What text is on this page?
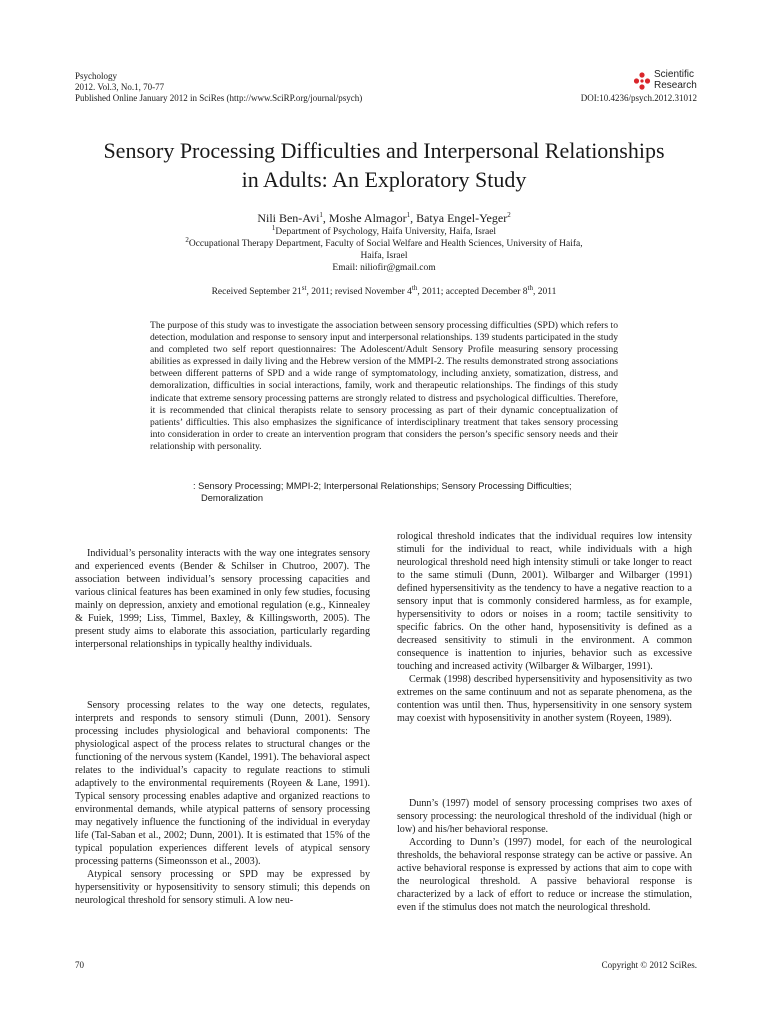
Psychology
2012. Vol.3, No.1, 70-77
Published Online January 2012 in SciRes (http://www.SciRP.org/journal/psych)
Scientific
Research
DOI:10.4236/psych.2012.31012
Sensory Processing Difficulties and Interpersonal Relationships
in Adults: An Exploratory Study
Nili Ben-Avi$^1$, Moshe Almagor$^1$, Batya Engel-Yeger$^2$
$^1$Department of Psychology, Haifa University, Haifa, Israel
$^2$Occupational Therapy Department, Faculty of Social Welfare and Health Sciences, University of Haifa,
Haifa, Israel
Email: niliofir@gmail.com
Received September 21st, 2011; revised November 4th, 2011; accepted December 8th, 2011
The purpose of this study was to investigate the association between sensory processing difficulties (SPD) which refers to detection, modulation and response to sensory input and interpersonal relationships. 139 students participated in the study and completed two self report questionnaires: The Adolescent/Adult Sensory Profile measuring sensory processing abilities as expressed in daily living and the Hebrew version of the MMPI-2. The results demonstrated strong associations between different patterns of SPD and a wide range of symptomatology, including anxiety, somatization, distress, and demoralization, difficulties in social interactions, family, work and therapeutic relationships. The findings of this study indicate that extreme sensory processing patterns are strongly related to distress and psychological difficulties. Therefore, it is recommended that clinical therapists relate to sensory processing as part of their dynamic conceptualization of patients’ difficulties. This also emphasizes the significance of interdisciplinary treatment that takes sensory processing into consideration in order to create an intervention program that considers the person’s specific sensory needs and their relationship with personality.
: Sensory Processing; MMPI-2; Interpersonal Relationships; Sensory Processing Difficulties;
Demoralization

Individual’s personality interacts with the way one integrates sensory and experienced events (Bender & Schilser in Chutroo, 2007). The association between individual’s sensory processing capacities and various clinical features has been examined in only few studies, focusing mainly on depression, anxiety and emotional regulation (e.g., Kinnealey & Fuiek, 1999; Liss, Timmel, Baxley, & Killingsworth, 2005). The present study aims to elaborate this association, particularly regarding interpersonal relationships in typically healthy individuals.

Sensory processing relates to the way one detects, regulates, interprets and responds to sensory stimuli (Dunn, 2001). Sensory processing includes physiological and behavioral components: The physiological aspect of the process relates to structural changes or the functioning of the nervous system (Kandel, 1991). The behavioral aspect relates to the individual’s capacity to regulate reactions to stimuli adaptively to the environmental requirements (Royeen & Lane, 1991). Typical sensory processing enables adaptive and organized reactions to environmental demands, while atypical patterns of sensory processing may negatively influence the functioning of the individual in everyday life (Tal-Saban et al., 2002; Dunn, 2001). It is estimated that 15% of the typical population experiences different levels of atypical sensory processing patterns (Simeonsson et al., 2003).

Atypical sensory processing or SPD may be expressed by hypersensitivity or hyposensitivity to sensory stimuli; this depends on neurological threshold for sensory stimuli. A low neu-

rological threshold indicates that the individual requires low intensity stimuli for the individual to react, while individuals with a high neurological threshold need high intensity stimuli or take longer to react to the same stimuli (Dunn, 2001). Wilbarger and Wilbarger (1991) defined hypersensitivity as the tendency to have a negative reaction to a sensory input that is commonly considered harmless, as for example, hypersensitivity to odors or noises in a room; tactile sensitivity to specific fabrics. On the other hand, hyposensitivity is defined as a decreased sensitivity to stimuli in the environment. A common consequence is inattention to injuries, behavior such as excessive touching and increased activity (Wilbarger & Wilbarger, 1991).

Cermak (1998) described hypersensitivity and hyposensitivity as two extremes on the same continuum and not as separate phenomena, as the contention was until then. Thus, hypersensitivity in one sensory system may coexist with hyposensitivity in another system (Royeen, 1989).

Dunn’s (1997) model of sensory processing comprises two axes of sensory processing: the neurological threshold of the individual (high or low) and his/her behavioral response.

According to Dunn’s (1997) model, for each of the neurological thresholds, the behavioral response strategy can be active or passive. An active behavioral response is expressed by actions that aim to cope with the neurological threshold. A passive behavioral response is characterized by a lack of effort to reduce or increase the stimulation, even if the stimulus does not match the neurological threshold.

70	Copyright © 2012 SciRes.
